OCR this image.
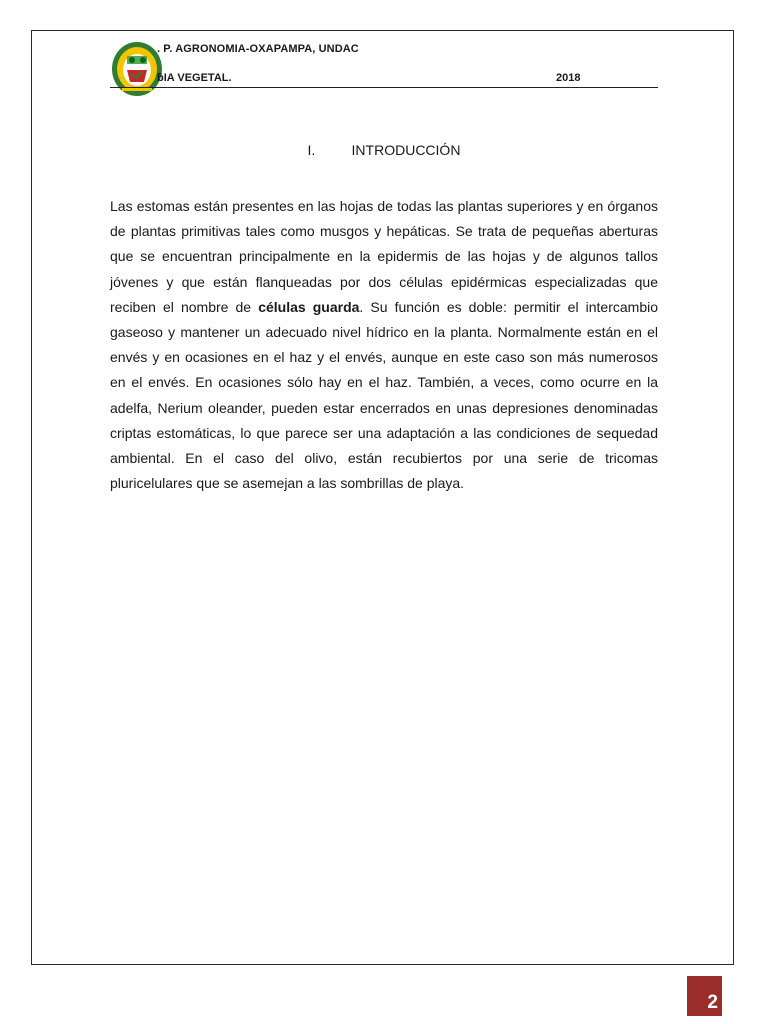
. P. AGRONOMIA-OXAPAMPA, UNDAC
ƃIA VEGETAL.	2018
I.	INTRODUCCIÓN

Las estomas están presentes en las hojas de todas las plantas superiores y en órganos de plantas primitivas tales como musgos y hepáticas. Se trata de pequeñas aberturas que se encuentran principalmente en la epidermis de las hojas y de algunos tallos jóvenes y que están flanqueadas por dos células epidérmicas especializadas que reciben el nombre de células guarda. Su función es doble: permitir el intercambio gaseoso y mantener un adecuado nivel hídrico en la planta. Normalmente están en el envés y en ocasiones en el haz y el envés, aunque en este caso son más numerosos en el envés. En ocasiones sólo hay en el haz. También, a veces, como ocurre en la adelfa, Nerium oleander, pueden estar encerrados en unas depresiones denominadas criptas estomáticas, lo que parece ser una adaptación a las condiciones de sequedad ambiental. En el caso del olivo, están recubiertos por una serie de tricomas pluricelulares que se asemejan a las sombrillas de playa.

2
